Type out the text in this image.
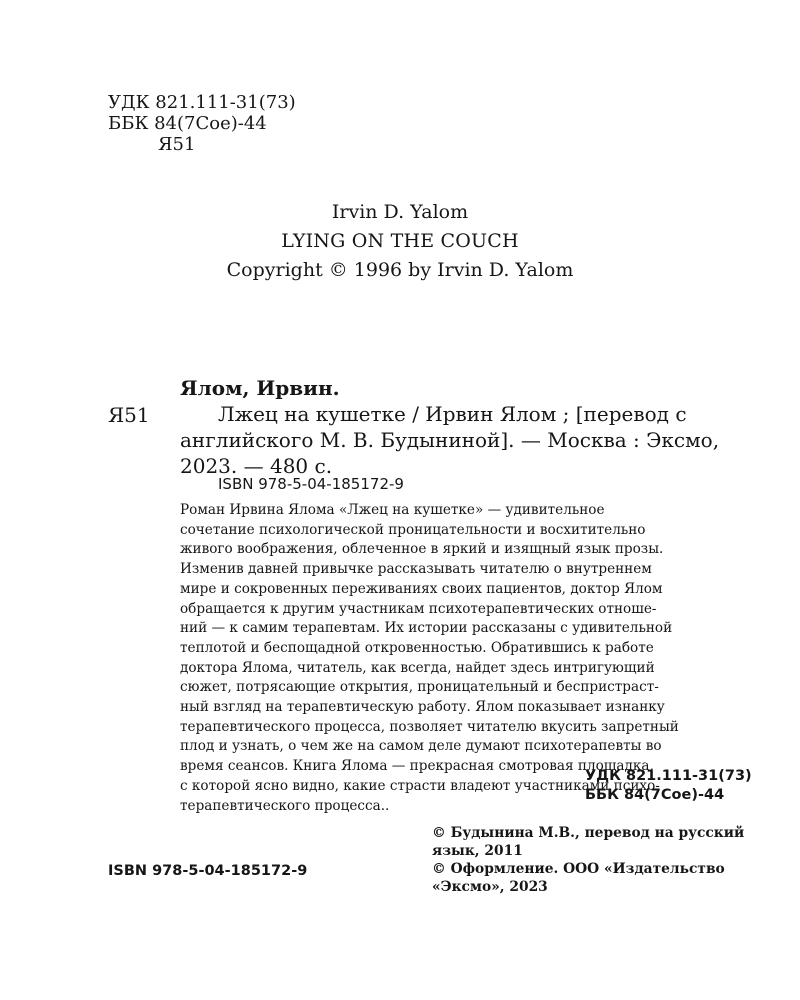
УДК 821.111-31(73)
ББК 84(7Сое)-44
Я51
Irvin D. Yalom
LYING ON THE COUCH
Copyright © 1996 by Irvin D. Yalom
Ялом, Ирвин.
Я51	Лжец на кушетке / Ирвин Ялом ; [перевод с
английского М. В. Будыниной]. — Москва : Эксмо,
2023. — 480 с.
ISBN 978-5-04-185172-9
Роман Ирвина Ялома «Лжец на кушетке» — удивительное
сочетание психологической проницательности и восхитительно
живого воображения, облеченное в яркий и изящный язык прозы.
Изменив давней привычке рассказывать читателю о внутреннем
мире и сокровенных переживаниях своих пациентов, доктор Ялом
обращается к другим участникам психотерапевтических отноше-
ний — к самим терапевтам. Их истории рассказаны с удивительной
теплотой и беспощадной откровенностью. Обратившись к работе
доктора Ялома, читатель, как всегда, найдет здесь интригующий
сюжет, потрясающие открытия, проницательный и беспристраст-
ный взгляд на терапевтическую работу. Ялом показывает изнанку
терапевтического процесса, позволяет читателю вкусить запретный
плод и узнать, о чем же на самом деле думают психотерапевты во
время сеансов. Книга Ялома — прекрасная смотровая площадка,
с которой ясно видно, какие страсти владеют участниками психо-
терапевтического процесса..
УДК 821.111-31(73)
ББК 84(7Сое)-44
© Будынина М.В., перевод на русский
язык, 2011
© Оформление. ООО «Издательство
«Эксмо», 2023
ISBN 978-5-04-185172-9
